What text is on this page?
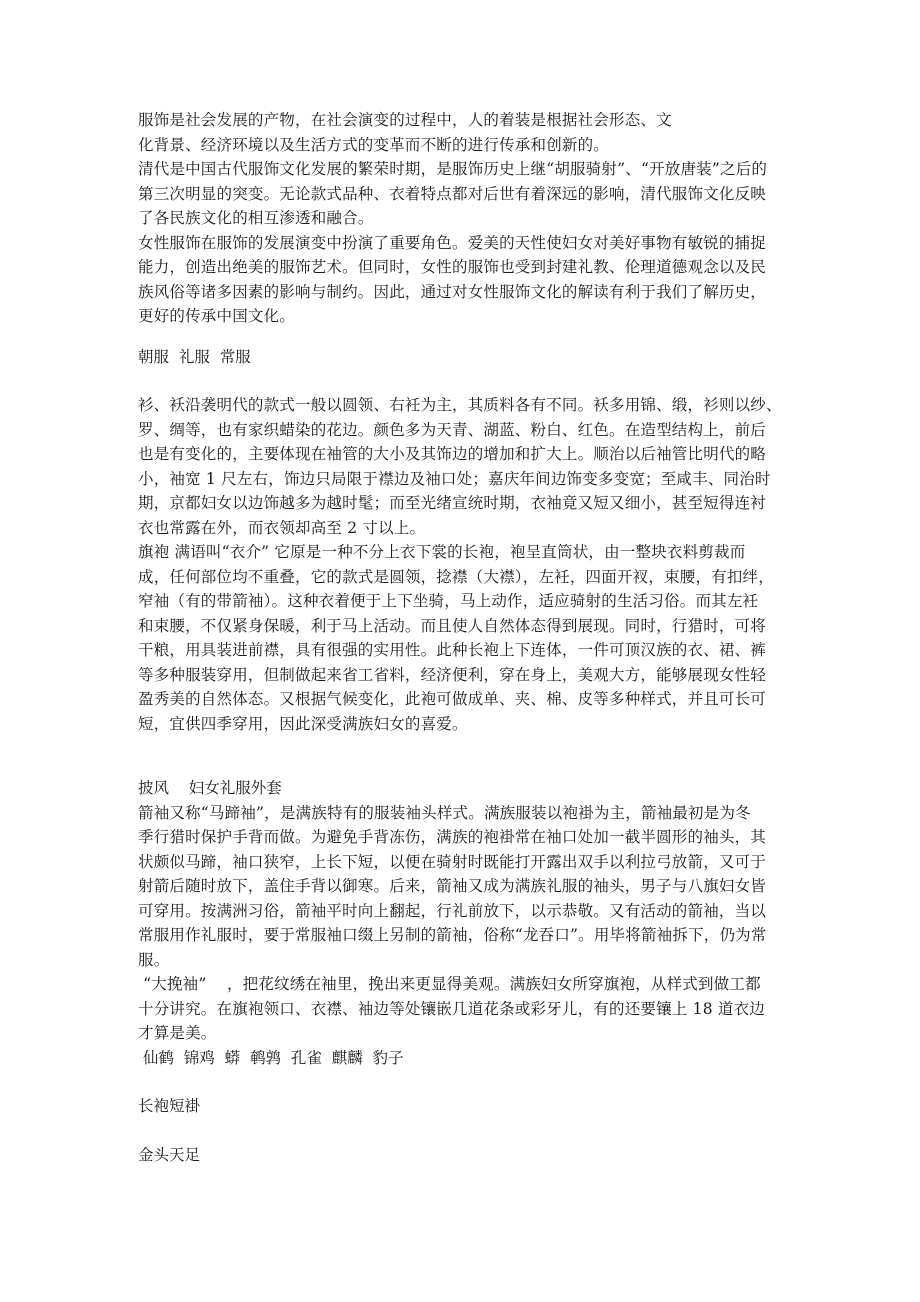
服饰是社会发展的产物，在社会演变的过程中，人的着装是根据社会形态、文
化背景、经济环境以及生活方式的变革而不断的进行传承和创新的。
清代是中国古代服饰文化发展的繁荣时期，是服饰历史上继“胡服骑射”、“开放唐装”之后的
第三次明显的突变。无论款式品种、衣着特点都对后世有着深远的影响，清代服饰文化反映
了各民族文化的相互渗透和融合。
女性服饰在服饰的发展演变中扮演了重要角色。爱美的天性使妇女对美好事物有敏锐的捕捉
能力，创造出绝美的服饰艺术。但同时，女性的服饰也受到封建礼教、伦理道德观念以及民
族风俗等诸多因素的影响与制约。因此，通过对女性服饰文化的解读有利于我们了解历史，
更好的传承中国文化。
朝服  礼服  常服
衫、袄沿袭明代的款式一般以圆领、右衽为主，其质料各有不同。袄多用锦、缎，衫则以纱、
罗、绸等，也有家织蜡染的花边。颜色多为天青、湖蓝、粉白、红色。在造型结构上，前后
也是有变化的，主要体现在袖管的大小及其饰边的增加和扩大上。顺治以后袖管比明代的略
小，袖宽 1 尺左右，饰边只局限于襟边及袖口处；嘉庆年间边饰变多变宽；至咸丰、同治时
期，京都妇女以边饰越多为越时髦；而至光绪宣统时期，衣袖竟又短又细小，甚至短得连衬
衣也常露在外，而衣领却高至 2 寸以上。
旗袍 满语叫“衣介” 它原是一种不分上衣下裳的长袍，袍呈直筒状，由一整块衣料剪裁而
成，任何部位均不重叠，它的款式是圆领，捻襟（大襟），左衽，四面开衩，束腰，有扣绊，
窄袖（有的带箭袖）。这种衣着便于上下坐骑，马上动作，适应骑射的生活习俗。而其左衽
和束腰，不仅紧身保暖，利于马上活动。而且使人自然体态得到展现。同时，行猎时，可将
干粮，用具装进前襟，具有很强的实用性。此种长袍上下连体，一件可顶汉族的衣、裙、裤
等多种服装穿用，但制做起来省工省料，经济便利，穿在身上，美观大方，能够展现女性轻
盈秀美的自然体态。又根据气候变化，此袍可做成单、夹、棉、皮等多种样式，并且可长可
短，宜供四季穿用，因此深受满族妇女的喜爱。
披风    妇女礼服外套
箭袖又称“马蹄袖”，是满族特有的服装袖头样式。满族服装以袍褂为主，箭袖最初是为冬
季行猎时保护手背而做。为避免手背冻伤，满族的袍褂常在袖口处加一截半圆形的袖头，其
状颇似马蹄，袖口狭窄，上长下短，以便在骑射时既能打开露出双手以利拉弓放箭，又可于
射箭后随时放下，盖住手背以御寒。后来，箭袖又成为满族礼服的袖头，男子与八旗妇女皆
可穿用。按满洲习俗，箭袖平时向上翻起，行礼前放下，以示恭敬。又有活动的箭袖，当以
常服用作礼服时，要于常服袖口缀上另制的箭袖，俗称“龙吞口”。用毕将箭袖拆下，仍为常
服。
“大挽袖”    ，把花纹绣在袖里，挽出来更显得美观。满族妇女所穿旗袍，从样式到做工都
十分讲究。在旗袍领口、衣襟、袖边等处镶嵌几道花条或彩牙儿，有的还要镶上 18 道衣边
才算是美。
仙鹤  锦鸡  蟒  鹌鹑  孔雀  麒麟  豹子
长袍短褂
金头天足
